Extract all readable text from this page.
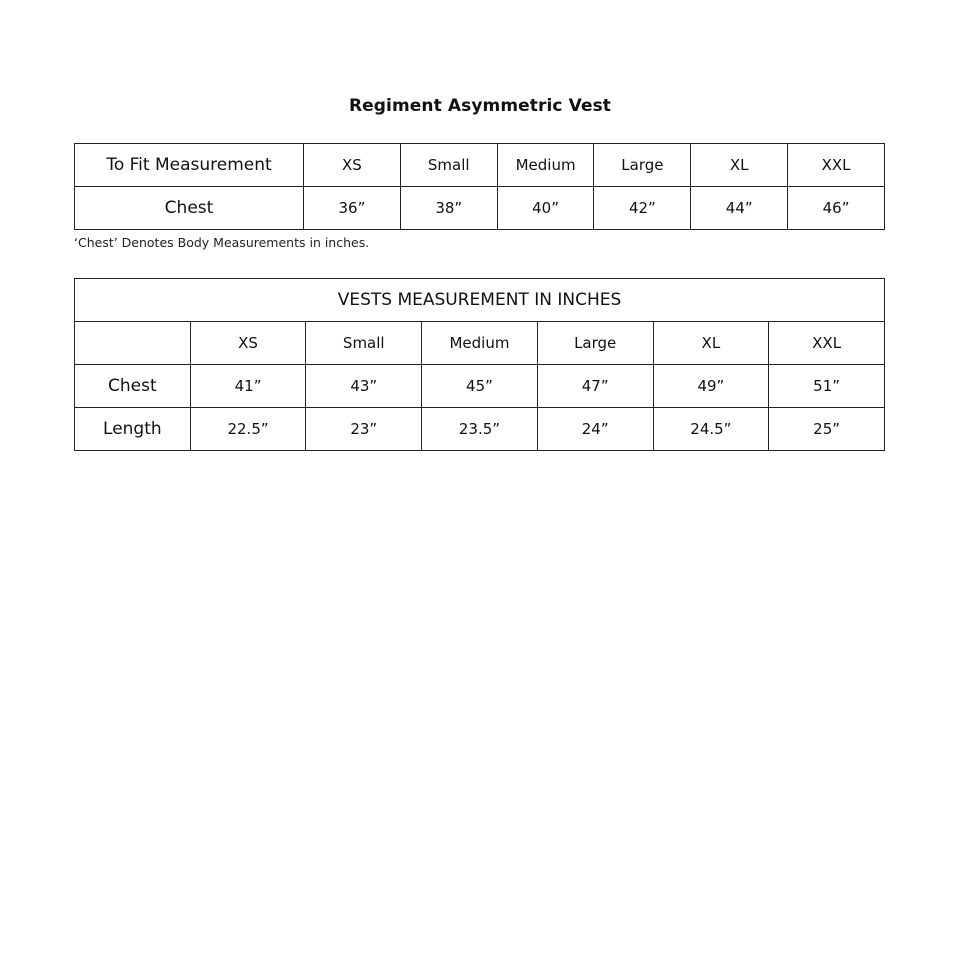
Regiment Asymmetric Vest
To Fit Measurement	XS	Small	Medium	Large	XL	XXL
Chest	36”	38”	40”	42”	44”	46”
‘Chest’ Denotes Body Measurements in inches.
VESTS MEASUREMENT IN INCHES						
	XS	Small	Medium	Large	XL	XXL
Chest	41”	43”	45”	47”	49”	51”
Length	22.5”	23”	23.5”	24”	24.5”	25”
